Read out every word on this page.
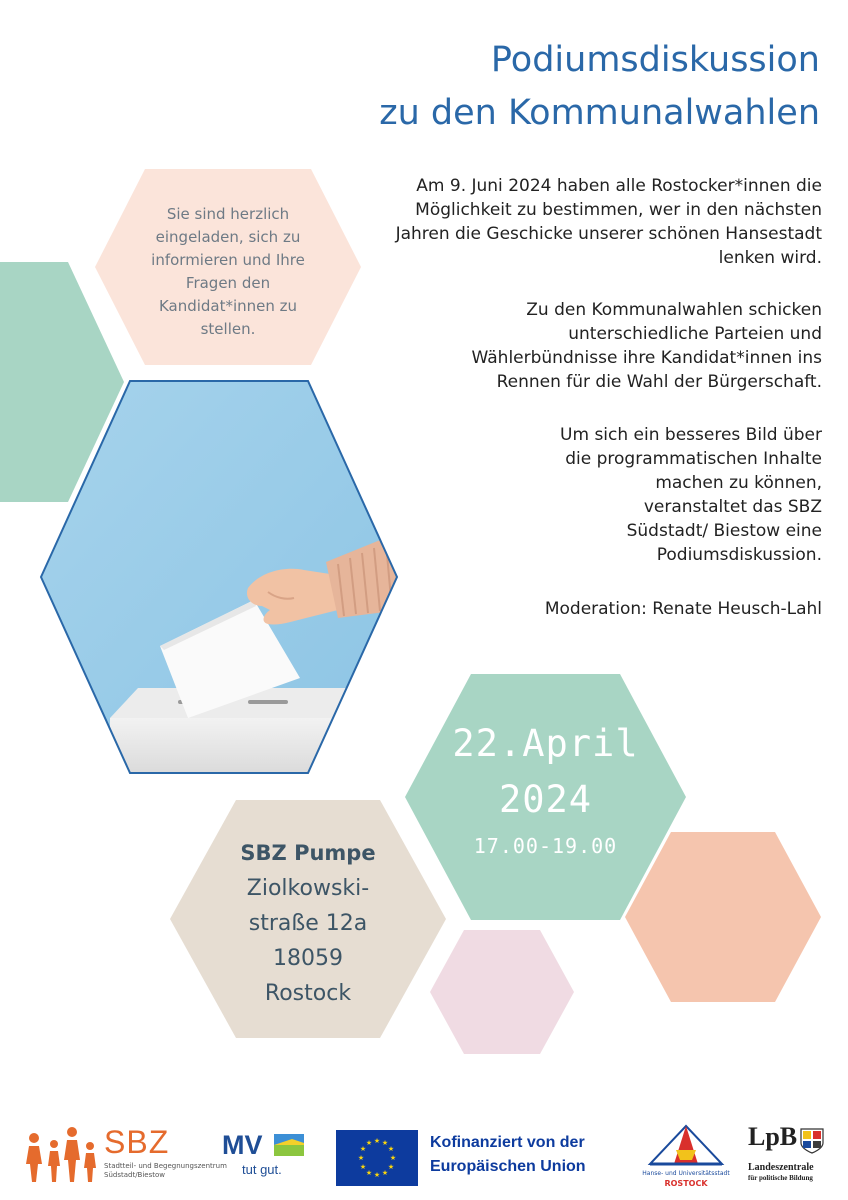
Podiumsdiskussion
zu den Kommunalwahlen
Sie sind herzlich
eingeladen, sich zu
informieren und Ihre
Fragen den
Kandidat*innen zu
stellen.
Am 9. Juni 2024 haben alle Rostocker*innen die
Möglichkeit zu bestimmen, wer in den nächsten
Jahren die Geschicke unserer schönen Hansestadt
lenken wird.
Zu den Kommunalwahlen schicken
unterschiedliche Parteien und
Wählerbündnisse ihre Kandidat*innen ins
Rennen für die Wahl der Bürgerschaft.
Um sich ein besseres Bild über
die programmatischen Inhalte
machen zu können,
veranstaltet das SBZ
Südstadt/ Biestow eine
Podiumsdiskussion.
Moderation: Renate Heusch-Lahl
22.April
2024
17.00-19.00
SBZ Pumpe
Ziolkowski-
straße 12a
18059
Rostock
SBZ
Stadtteil- und Begegnungszentrum
Südstadt/Biestow
MV
tut gut.
★ ★
★
★
★
★
★
★
★
★
★
★	Kofinanziert von der
Europäischen Union	Hanse- und Universitätsstadt
ROSTOCK
LpB
Landeszentrale
für politische Bildung
